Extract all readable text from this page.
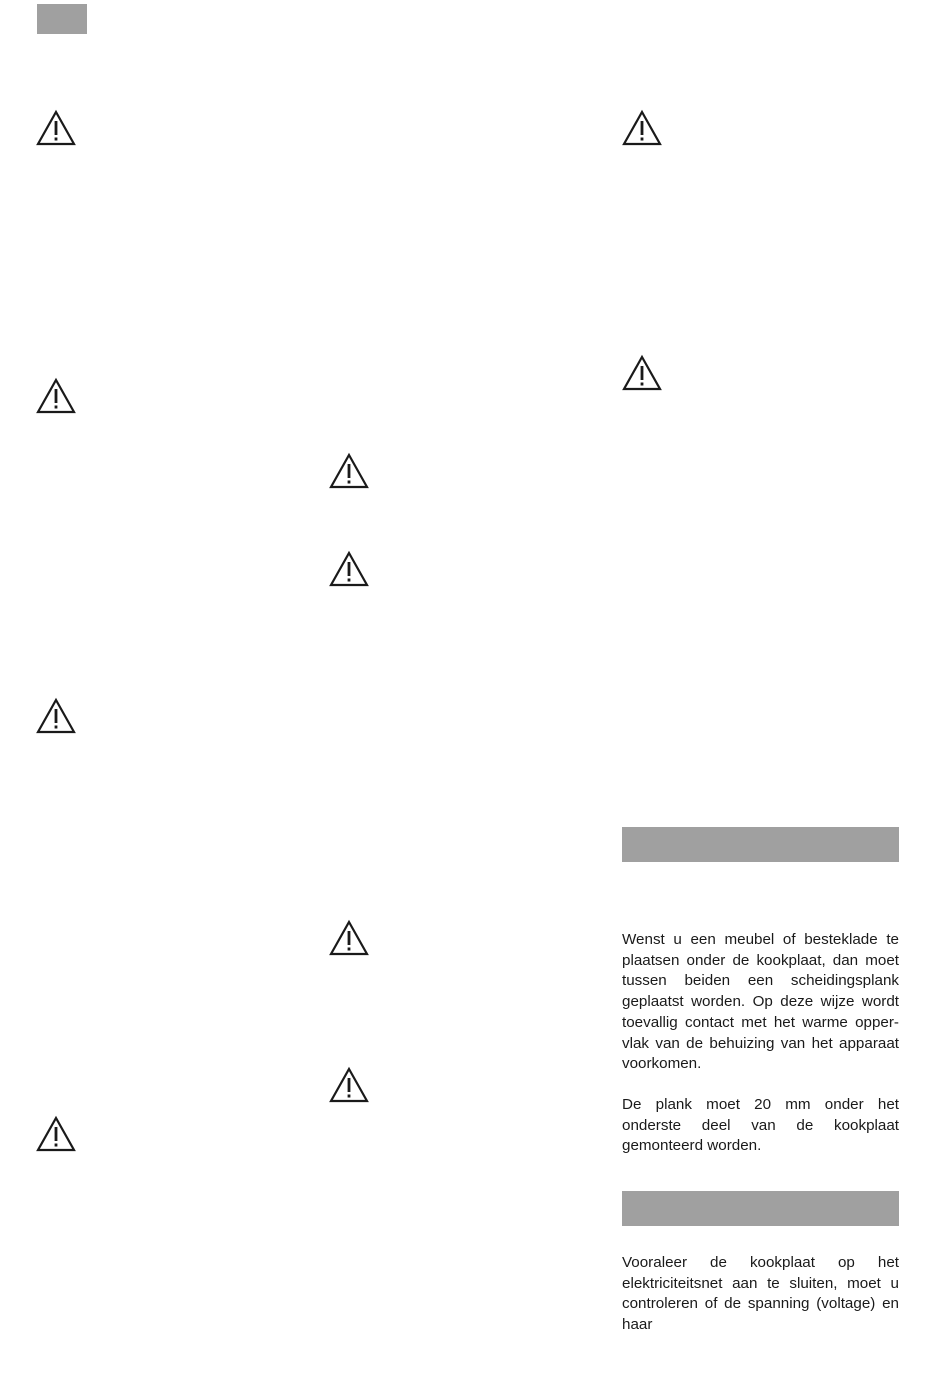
Wenst u een meubel of besteklade te plaatsen onder de kookplaat, dan moet tussen beiden een scheidingsplank geplaatst worden. Op deze wijze wordt toevallig contact met het warme opper- vlak van de behuizing van het apparaat voorkomen.

De plank moet 20 mm onder het onderste deel van de kookplaat gemonteerd worden.

Vooraleer de kookplaat op het elektriciteitsnet aan te sluiten, moet u controleren of de spanning (voltage) en haar
